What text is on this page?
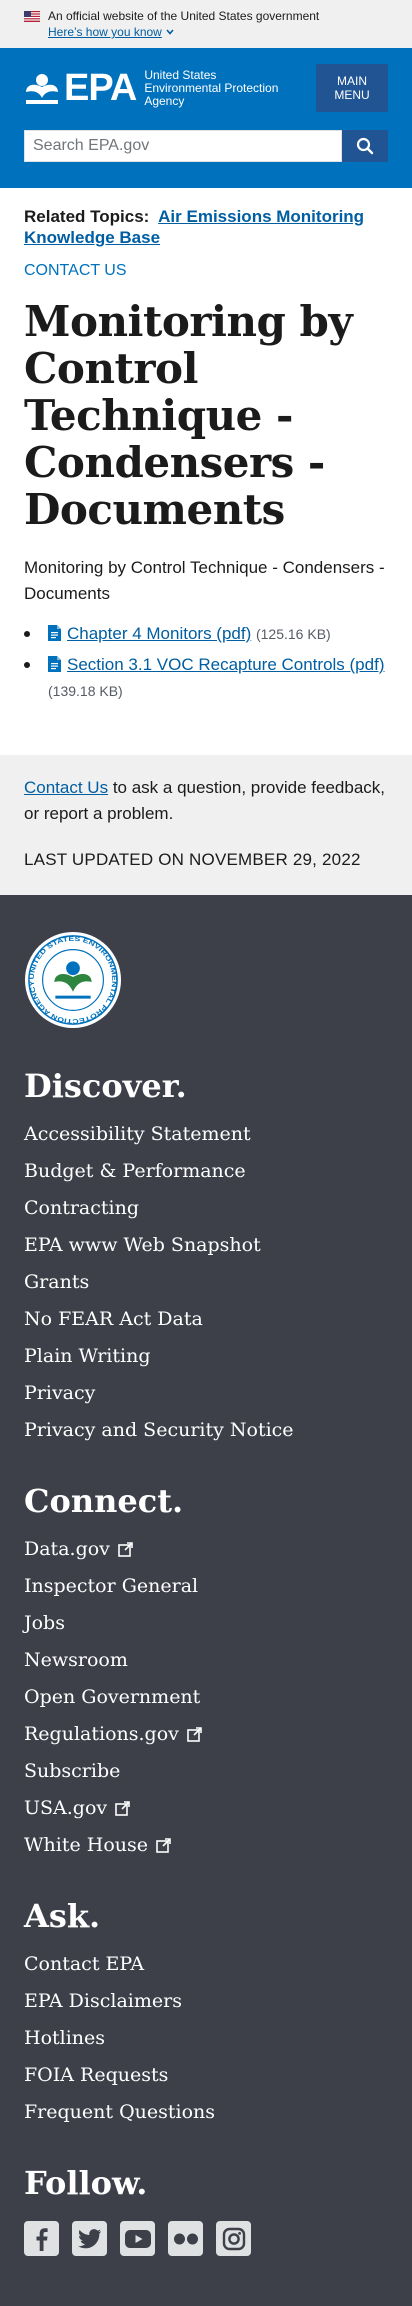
An official website of the United States government
Here’s how you know
EPA United States
Environmental Protection
Agency
MAIN
MENU
Search EPA.gov

Related Topics: Air Emissions Monitoring Knowledge Base

CONTACT US
Monitoring by Control Technique - Condensers - Documents

Monitoring by Control Technique - Condensers - Documents

Chapter 4 Monitors (pdf) (125.16 KB)
Section 3.1 VOC Recapture Controls (pdf)
(139.18 KB)

Contact Us to ask a question, provide feedback, or report a problem.

LAST UPDATED ON NOVEMBER 29, 2022

UNITED STATES ENVIRONMENTAL PROTECTION AGENCY
Discover.
Accessibility Statement
Budget & Performance
Contracting
EPA www Web Snapshot
Grants
No FEAR Act Data
Plain Writing
Privacy
Privacy and Security Notice
Connect.
Data.gov
Inspector General
Jobs
Newsroom
Open Government
Regulations.gov
Subscribe
USA.gov
White House
Ask.
Contact EPA
EPA Disclaimers
Hotlines
FOIA Requests
Frequent Questions
Follow.
